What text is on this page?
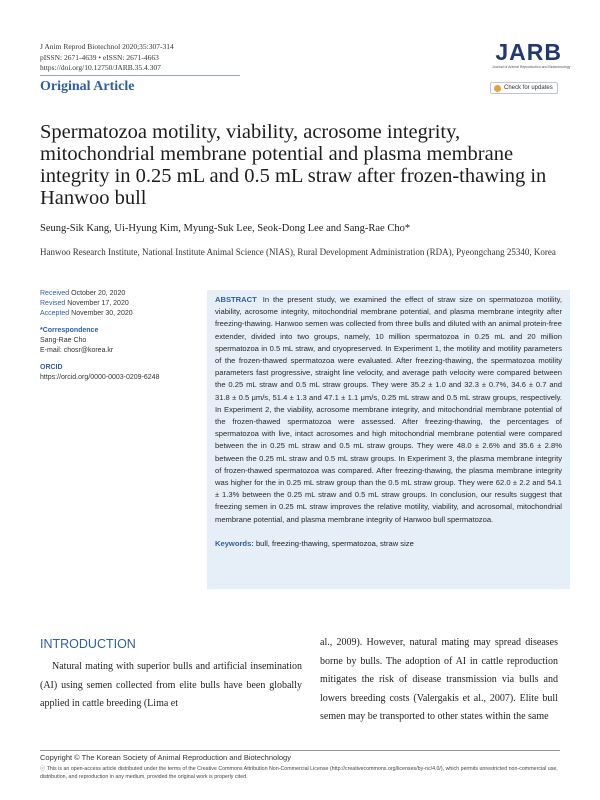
J Anim Reprod Biotechnol 2020;35:307-314
pISSN: 2671-4639 • eISSN: 2671-4663
https://doi.org/10.12750/JARB.35.4.307
Original Article
JARB
Journal of Animal Reproduction and Biotechnology
Check for updates
Spermatozoa motility, viability, acrosome integrity, mitochondrial membrane potential and plasma membrane integrity in 0.25 mL and 0.5 mL straw after frozen-thawing in Hanwoo bull
Seung-Sik Kang, Ui-Hyung Kim, Myung-Suk Lee, Seok-Dong Lee and Sang-Rae Cho*
Hanwoo Research Institute, National Institute Animal Science (NIAS), Rural Development Administration (RDA), Pyeongchang 25340, Korea
Received October 20, 2020
Revised November 17, 2020
Accepted November 30, 2020
*Correspondence
Sang-Rae Cho
E-mail: chosr@korea.kr
ORCID
https://orcid.org/0000-0003-0209-6248
ABSTRACT In the present study, we examined the effect of straw size on spermatozoa motility, viability, acrosome integrity, mitochondrial membrane potential, and plasma membrane integrity after freezing-thawing. Hanwoo semen was collected from three bulls and diluted with an animal protein-free extender, divided into two groups, namely, 10 million spermatozoa in 0.25 mL and 20 million spermatozoa in 0.5 mL straw, and cryopreserved. In Experiment 1, the motility and motility parameters of the frozen-thawed spermatozoa were evaluated. After freezing-thawing, the spermatozoa motility parameters fast progressive, straight line velocity, and average path velocity were compared between the 0.25 mL straw and 0.5 mL straw groups. They were 35.2 ± 1.0 and 32.3 ± 0.7%, 34.6 ± 0.7 and 31.8 ± 0.5 μm/s, 51.4 ± 1.3 and 47.1 ± 1.1 μm/s, 0.25 mL straw and 0.5 mL straw groups, respectively. In Experiment 2, the viability, acrosome membrane integrity, and mitochondrial membrane potential of the frozen-thawed spermatozoa were assessed. After freezing-thawing, the percentages of spermatozoa with live, intact acrosomes and high mitochondrial membrane potential were compared between the in 0.25 mL straw and 0.5 mL straw groups. They were 48.0 ± 2.6% and 35.6 ± 2.8% between the 0.25 mL straw and 0.5 mL straw groups. In Experiment 3, the plasma membrane integrity of frozen-thawed spermatozoa was compared. After freezing-thawing, the plasma membrane integrity was higher for the in 0.25 mL straw group than the 0.5 mL straw group. They were 62.0 ± 2.2 and 54.1 ± 1.3% between the 0.25 mL straw and 0.5 mL straw groups. In conclusion, our results suggest that freezing semen in 0.25 mL straw improves the relative motility, viability, and acrosomal, mitochondrial membrane potential, and plasma membrane integrity of Hanwoo bull spermatozoa.
Keywords: bull, freezing-thawing, spermatozoa, straw size
INTRODUCTION

Natural mating with superior bulls and artificial insemination (AI) using semen collected from elite bulls have been globally applied in cattle breeding (Lima et

al., 2009). However, natural mating may spread diseases borne by bulls. The adoption of AI in cattle reproduction mitigates the risk of disease transmission via bulls and lowers breeding costs (Valergakis et al., 2007). Elite bull semen may be transported to other states within the same

Copyright © The Korean Society of Animal Reproduction and Biotechnology
ⓒ This is an open-access article distributed under the terms of the Creative Commons Attribution Non-Commercial License (http://creativecommons.org/licenses/by-nc/4.0/), which permits unrestricted non-commercial use, distribution, and reproduction in any medium, provided the original work is properly cited.
